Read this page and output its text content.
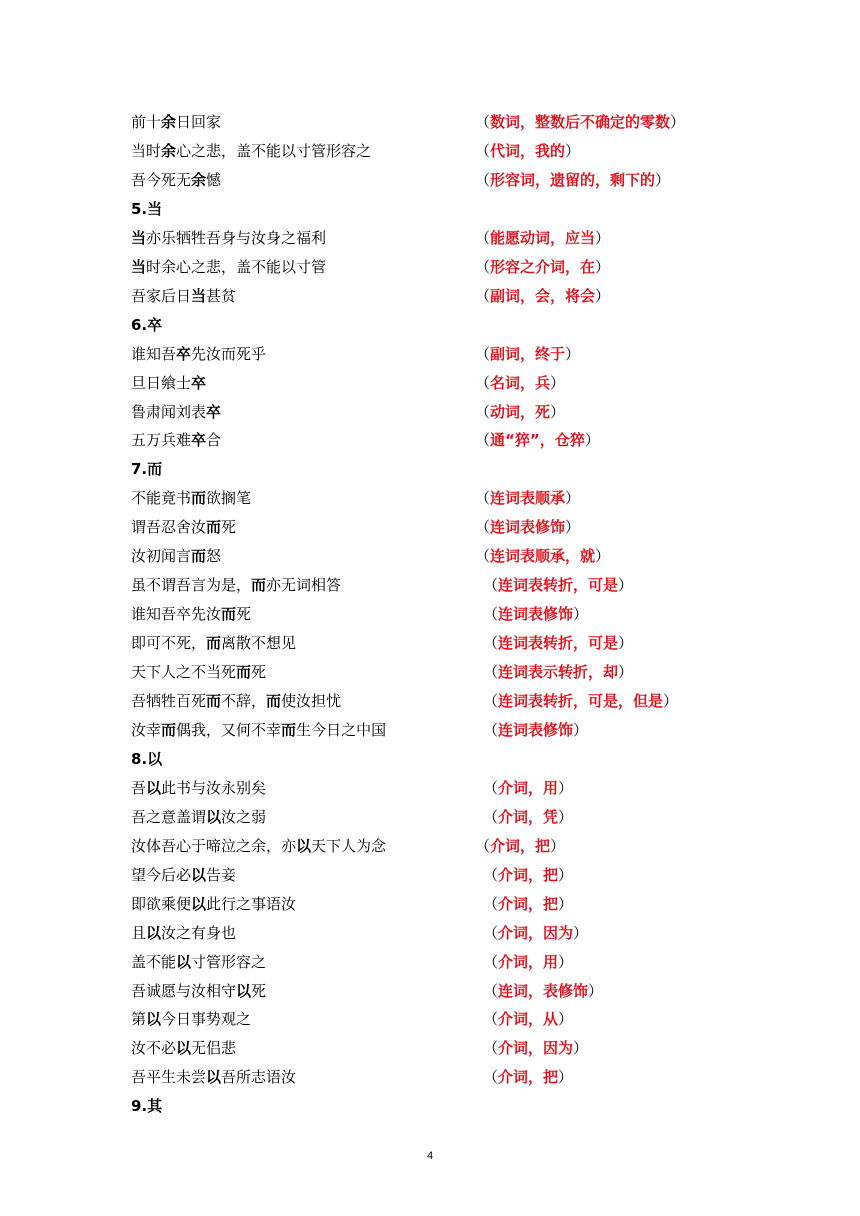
前十余日回家	（数词，整数后不确定的零数）
当时余心之悲，盖不能以寸管形容之	（代词，我的）
吾今死无余憾	（形容词，遗留的，剩下的）
5.当
当亦乐牺牲吾身与汝身之福利	（能愿动词，应当）
当时余心之悲，盖不能以寸管	（形容之介词，在）
吾家后日当甚贫	（副词，会，将会）
6.卒
谁知吾卒先汝而死乎	（副词，终于）
旦日飨士卒	（名词，兵）
鲁肃闻刘表卒	（动词，死）
五万兵难卒合	（通“猝”，仓猝）
7.而
不能竟书而欲搁笔	（连词表顺承）
谓吾忍舍汝而死	（连词表修饰）
汝初闻言而怒	（连词表顺承，就）
虽不谓吾言为是，而亦无词相答	（连词表转折，可是）
谁知吾卒先汝而死	（连词表修饰）
即可不死，而离散不想见	（连词表转折，可是）
天下人之不当死而死	（连词表示转折，却）
吾牺牲百死而不辞，而使汝担忧	（连词表转折，可是，但是）
汝幸而偶我，又何不幸而生今日之中国	（连词表修饰）
8.以
吾以此书与汝永别矣	（介词，用）
吾之意盖谓以汝之弱	（介词，凭）
汝体吾心于啼泣之余，亦以天下人为念	（介词，把）
望今后必以告妾	（介词，把）
即欲乘便以此行之事语汝	（介词，把）
且以汝之有身也	（介词，因为）
盖不能以寸管形容之	（介词，用）
吾诚愿与汝相守以死	（连词，表修饰）
第以今日事势观之	（介词，从）
汝不必以无侣悲	（介词，因为）
吾平生未尝以吾所志语汝	（介词，把）
9.其
4
